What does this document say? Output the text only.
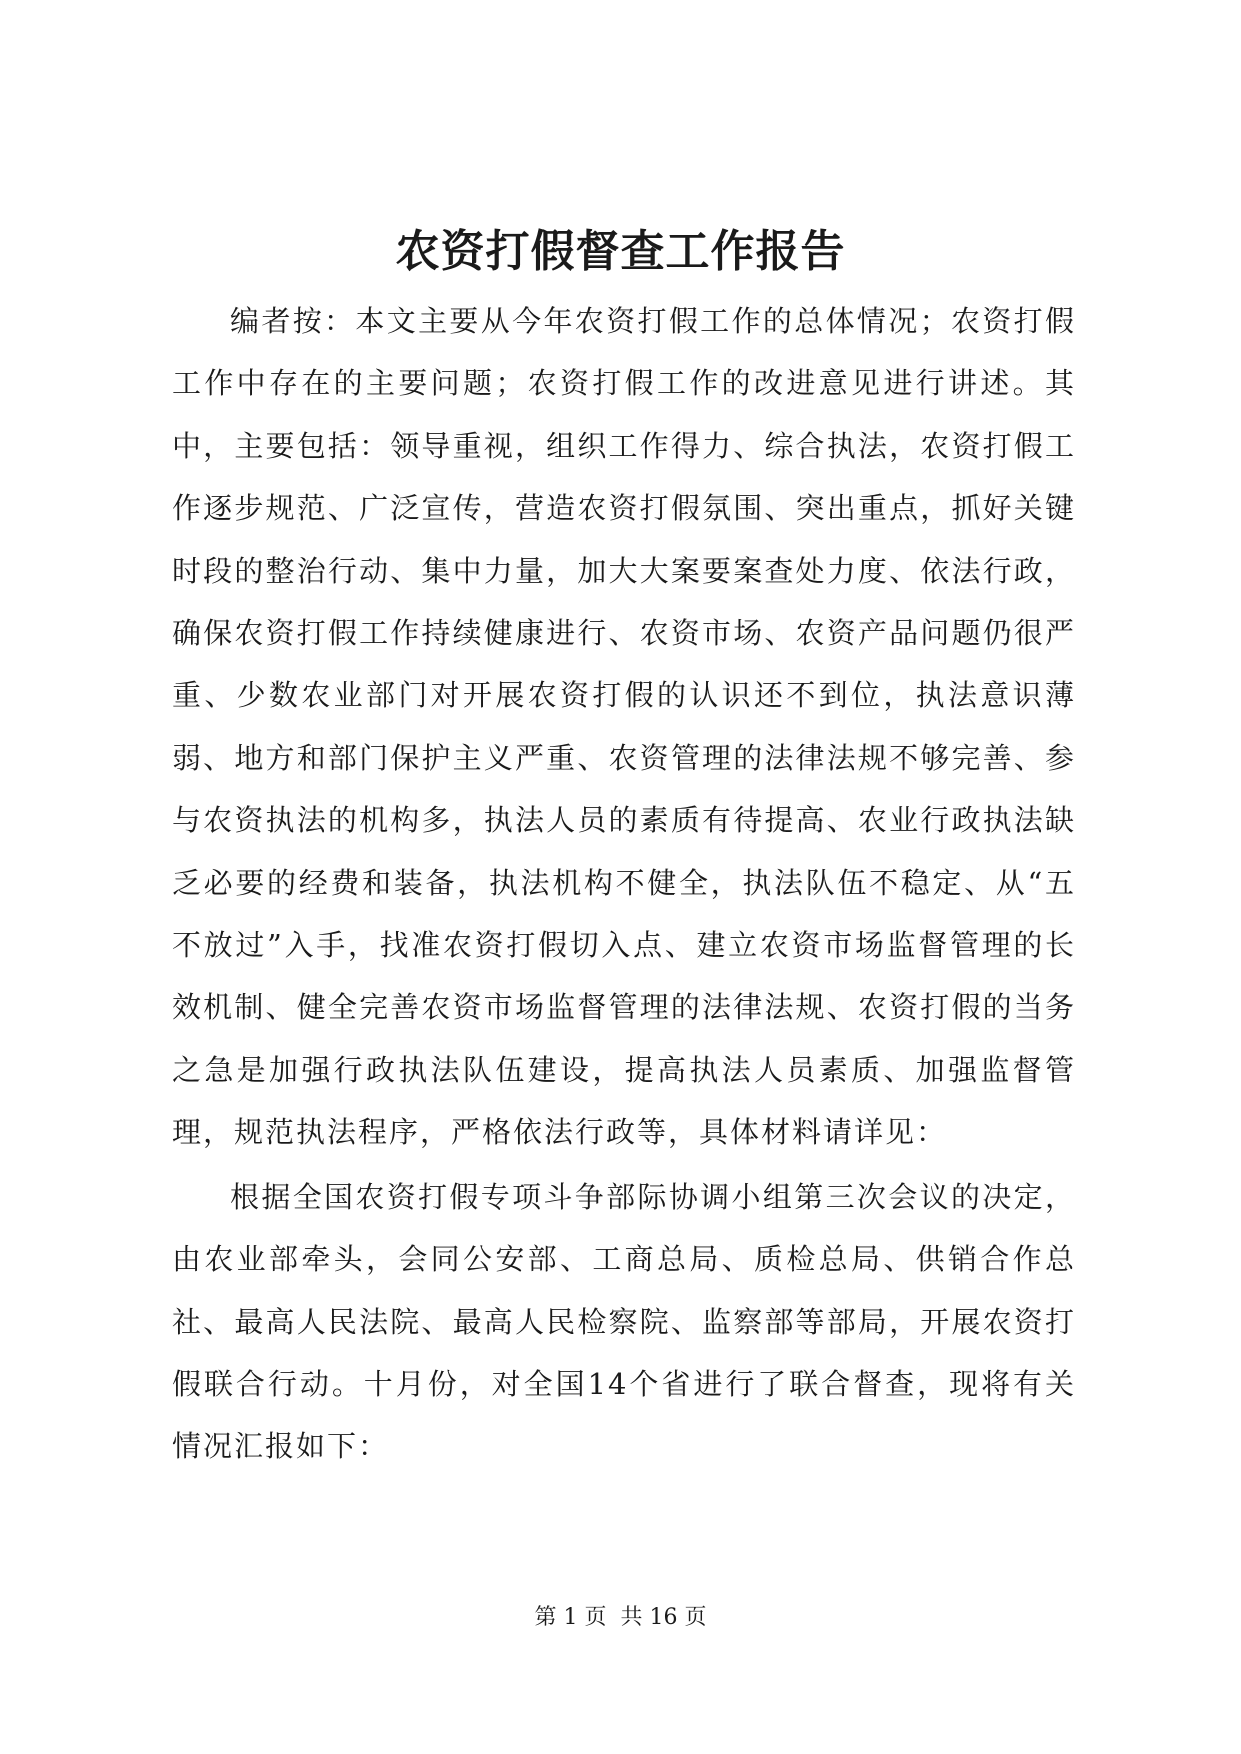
农资打假督查工作报告

编者按：本文主要从今年农资打假工作的总体情况；农资打假工作中存在的主要问题；农资打假工作的改进意见进行讲述。其中，主要包括：领导重视，组织工作得力、综合执法，农资打假工作逐步规范、广泛宣传，营造农资打假氛围、突出重点，抓好关键时段的整治行动、集中力量，加大大案要案查处力度、依法行政，确保农资打假工作持续健康进行、农资市场、农资产品问题仍很严重、少数农业部门对开展农资打假的认识还不到位，执法意识薄弱、地方和部门保护主义严重、农资管理的法律法规不够完善、参与农资执法的机构多，执法人员的素质有待提高、农业行政执法缺乏必要的经费和装备，执法机构不健全，执法队伍不稳定、从“五不放过”入手，找准农资打假切入点、建立农资市场监督管理的长效机制、健全完善农资市场监督管理的法律法规、农资打假的当务之急是加强行政执法队伍建设，提高执法人员素质、加强监督管理，规范执法程序，严格依法行政等，具体材料请详见：

根据全国农资打假专项斗争部际协调小组第三次会议的决定，由农业部牵头，会同公安部、工商总局、质检总局、供销合作总社、最高人民法院、最高人民检察院、监察部等部局，开展农资打假联合行动。十月份，对全国14个省进行了联合督查，现将有关情况汇报如下：

第 1 页  共 16 页
